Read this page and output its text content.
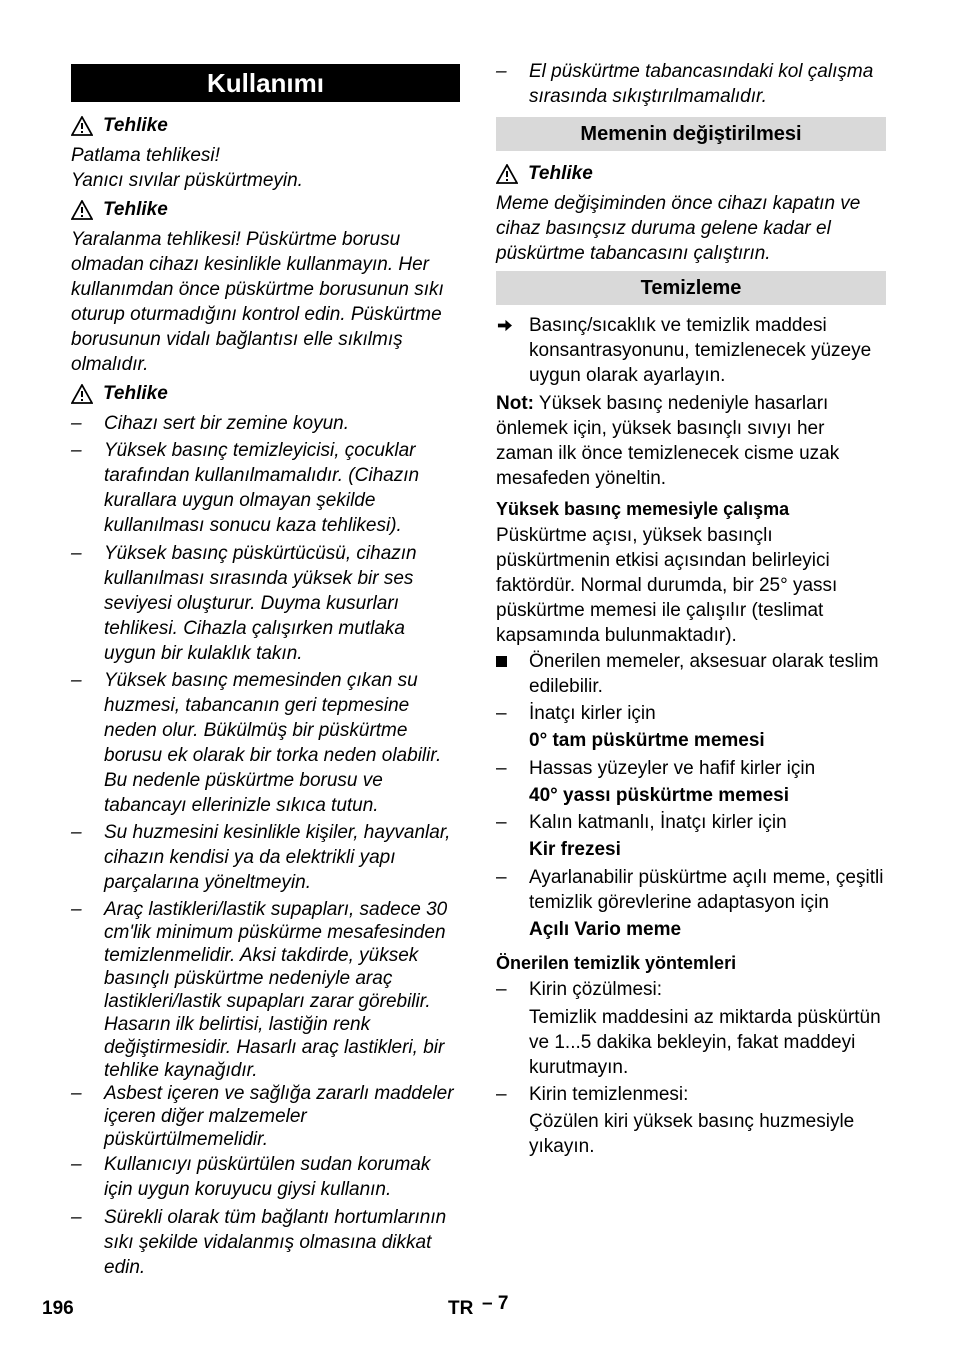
Kullanımı
Tehlike
Patlama tehlikesi!
Yanıcı sıvılar püskürtmeyin.
Tehlike
Yaralanma tehlikesi! Püskürtme borusu olmadan cihazı kesinlikle kullanmayın. Her kullanımdan önce püskürtme borusunun sıkı oturup oturmadığını kontrol edin. Püskürtme borusunun vidalı bağlantısı elle sıkılmış olmalıdır.
Tehlike
–	Cihazı sert bir zemine koyun.
–	Yüksek basınç temizleyicisi, çocuklar tarafından kullanılmamalıdır. (Cihazın kurallara uygun olmayan şekilde kullanılması sonucu kaza tehlikesi).
–	Yüksek basınç püskürtücüsü, cihazın kullanılması sırasında yüksek bir ses seviyesi oluşturur. Duyma kusurları tehlikesi. Cihazla çalışırken mutlaka uygun bir kulaklık takın.
–	Yüksek basınç memesinden çıkan su huzmesi, tabancanın geri tepmesine neden olur. Bükülmüş bir püskürtme borusu ek olarak bir torka neden olabilir. Bu nedenle püskürtme borusu ve tabancayı ellerinizle sıkıca tutun.
–	Su huzmesini kesinlikle kişiler, hayvanlar, cihazın kendisi ya da elektrikli yapı parçalarına yöneltmeyin.
–	Araç lastikleri/lastik supapları, sadece 30 cm'lik minimum püskürme mesafesinden temizlenmelidir. Aksi takdirde, yüksek basınçlı püskürtme nedeniyle araç lastikleri/lastik supapları zarar görebilir. Hasarın ilk belirtisi, lastiğin renk değiştirmesidir. Hasarlı araç lastikleri, bir tehlike kaynağıdır.
–	Asbest içeren ve sağlığa zararlı maddeler içeren diğer malzemeler püskürtülmemelidir.
–	Kullanıcıyı püskürtülen sudan korumak için uygun koruyucu giysi kullanın.
–	Sürekli olarak tüm bağlantı hortumlarının sıkı şekilde vidalanmış olmasına dikkat edin.
–	El püskürtme tabancasındaki kol çalışma sırasında sıkıştırılmamalıdır.
Memenin değiştirilmesi
Tehlike
Meme değişiminden önce cihazı kapatın ve cihaz basınçsız duruma gelene kadar el püskürtme tabancasını çalıştırın.
Temizleme
Basınç/sıcaklık ve temizlik maddesi konsantrasyonunu, temizlenecek yüzeye uygun olarak ayarlayın.
Not: Yüksek basınç nedeniyle hasarları önlemek için, yüksek basınçlı sıvıyı her zaman ilk önce temizlenecek cisme uzak mesafeden yöneltin.
Yüksek basınç memesiyle çalışma
Püskürtme açısı, yüksek basınçlı püskürtmenin etkisi açısından belirleyici faktördür. Normal durumda, bir 25° yassı püskürtme memesi ile çalışılır (teslimat kapsamında bulunmaktadır).
Önerilen memeler, aksesuar olarak teslim edilebilir.
–	İnatçı kirler için
0° tam püskürtme memesi
–	Hassas yüzeyler ve hafif kirler için
40° yassı püskürtme memesi
–	Kalın katmanlı, İnatçı kirler için
Kir frezesi
–	Ayarlanabilir püskürtme açılı meme, çeşitli temizlik görevlerine adaptasyon için
Açılı Vario meme
Önerilen temizlik yöntemleri
–	Kirin çözülmesi:
Temizlik maddesini az miktarda püskürtün ve 1...5 dakika bekleyin, fakat maddeyi kurutmayın.
–	Kirin temizlenmesi:
Çözülen kiri yüksek basınç huzmesiyle yıkayın.
196	TR – 7
